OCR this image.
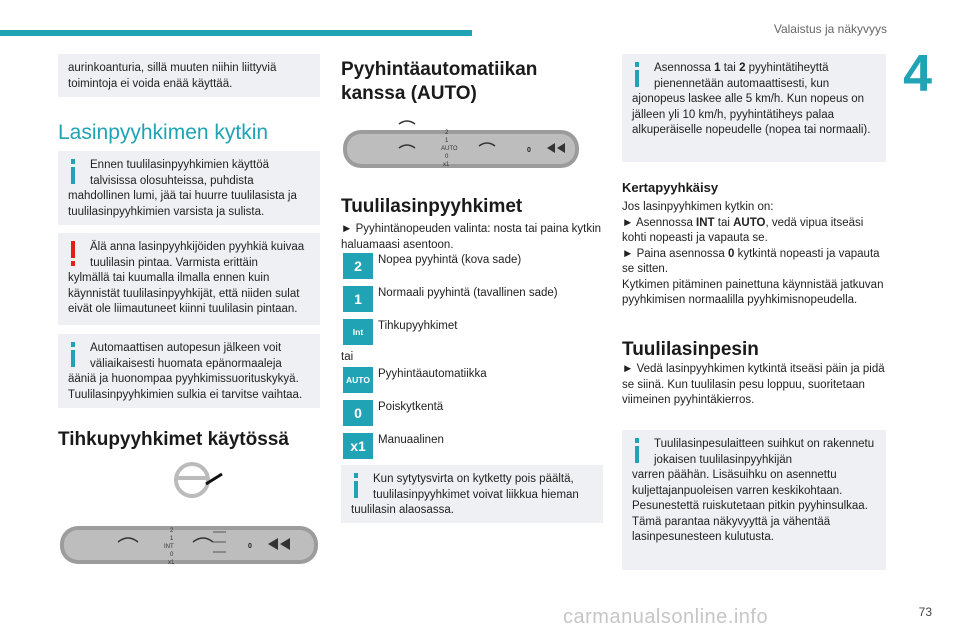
Valaistus ja näkyvyys
4
aurinkoanturia, sillä muuten niihin liittyviä toimintoja ei voida enää käyttää.
Lasinpyyhkimen kytkin
Ennen tuulilasinpyyhkimien käyttöä talvisissa olosuhteissa, puhdista
mahdollinen lumi, jää tai huurre tuulilasista ja tuulilasinpyyhkimien varsista ja sulista.
Älä anna lasinpyyhkijöiden pyyhkiä kuivaa tuulilasin pintaa. Varmista erittäin
kylmällä tai kuumalla ilmalla ennen kuin käynnistät tuulilasinpyyhkijät, että niiden sulat eivät ole liimautuneet kiinni tuulilasin pintaan.
Automaattisen autopesun jälkeen voit väliaikaisesti huomata epänormaaleja
ääniä ja huonompaa pyyhkimissuorituskykyä. Tuulilasinpyyhkimien sulkia ei tarvitse vaihtaa.
Tihkupyyhkimet käytössä
2
1
INT
0
x1
0
Pyyhintäautomatiikan kanssa (AUTO)
2
1
AUTO
0
x1
0
Tuulilasinpyyhkimet
► Pyyhintänopeuden valinta: nosta tai paina kytkin haluamaasi asentoon.
2	Nopea pyyhintä (kova sade)
1	Normaali pyyhintä (tavallinen sade)
Int	Tihkupyyhkimet
tai
AUTO Pyyhintäautomatiikka
0	Poiskytkentä
x1	Manuaalinen
Kun sytytysvirta on kytketty pois päältä, tuulilasinpyyhkimet voivat liikkua hieman
tuulilasin alaosassa.
Asennossa 1 tai 2 pyyhintätiheyttä pienennetään automaattisesti, kun
ajonopeus laskee alle 5 km/h. Kun nopeus on jälleen yli 10 km/h, pyyhintätiheys palaa alkuperäiselle nopeudelle (nopea tai normaali).
Kertapyyhkäisy
Jos lasinpyyhkimen kytkin on:
► Asennossa INT tai AUTO, vedä vipua itseäsi kohti nopeasti ja vapauta se.
► Paina asennossa 0 kytkintä nopeasti ja vapauta se sitten.
Kytkimen pitäminen painettuna käynnistää jatkuvan pyyhkimisen normaalilla pyyhkimisnopeudella.
Tuulilasinpesin
► Vedä lasinpyyhkimen kytkintä itseäsi päin ja pidä se siinä. Kun tuulilasin pesu loppuu, suoritetaan viimeinen pyyhintäkierros.
Tuulilasinpesulaitteen suihkut on rakennetu jokaisen tuulilasinpyyhkijän
varren päähän. Lisäsuihku on asennettu kuljettajanpuoleisen varren keskikohtaan. Pesunestettä ruiskutetaan pitkin pyyhinsulkaa. Tämä parantaa näkyvyyttä ja vähentää lasinpesunesteen kulutusta.
73
carmanualsonline.info
